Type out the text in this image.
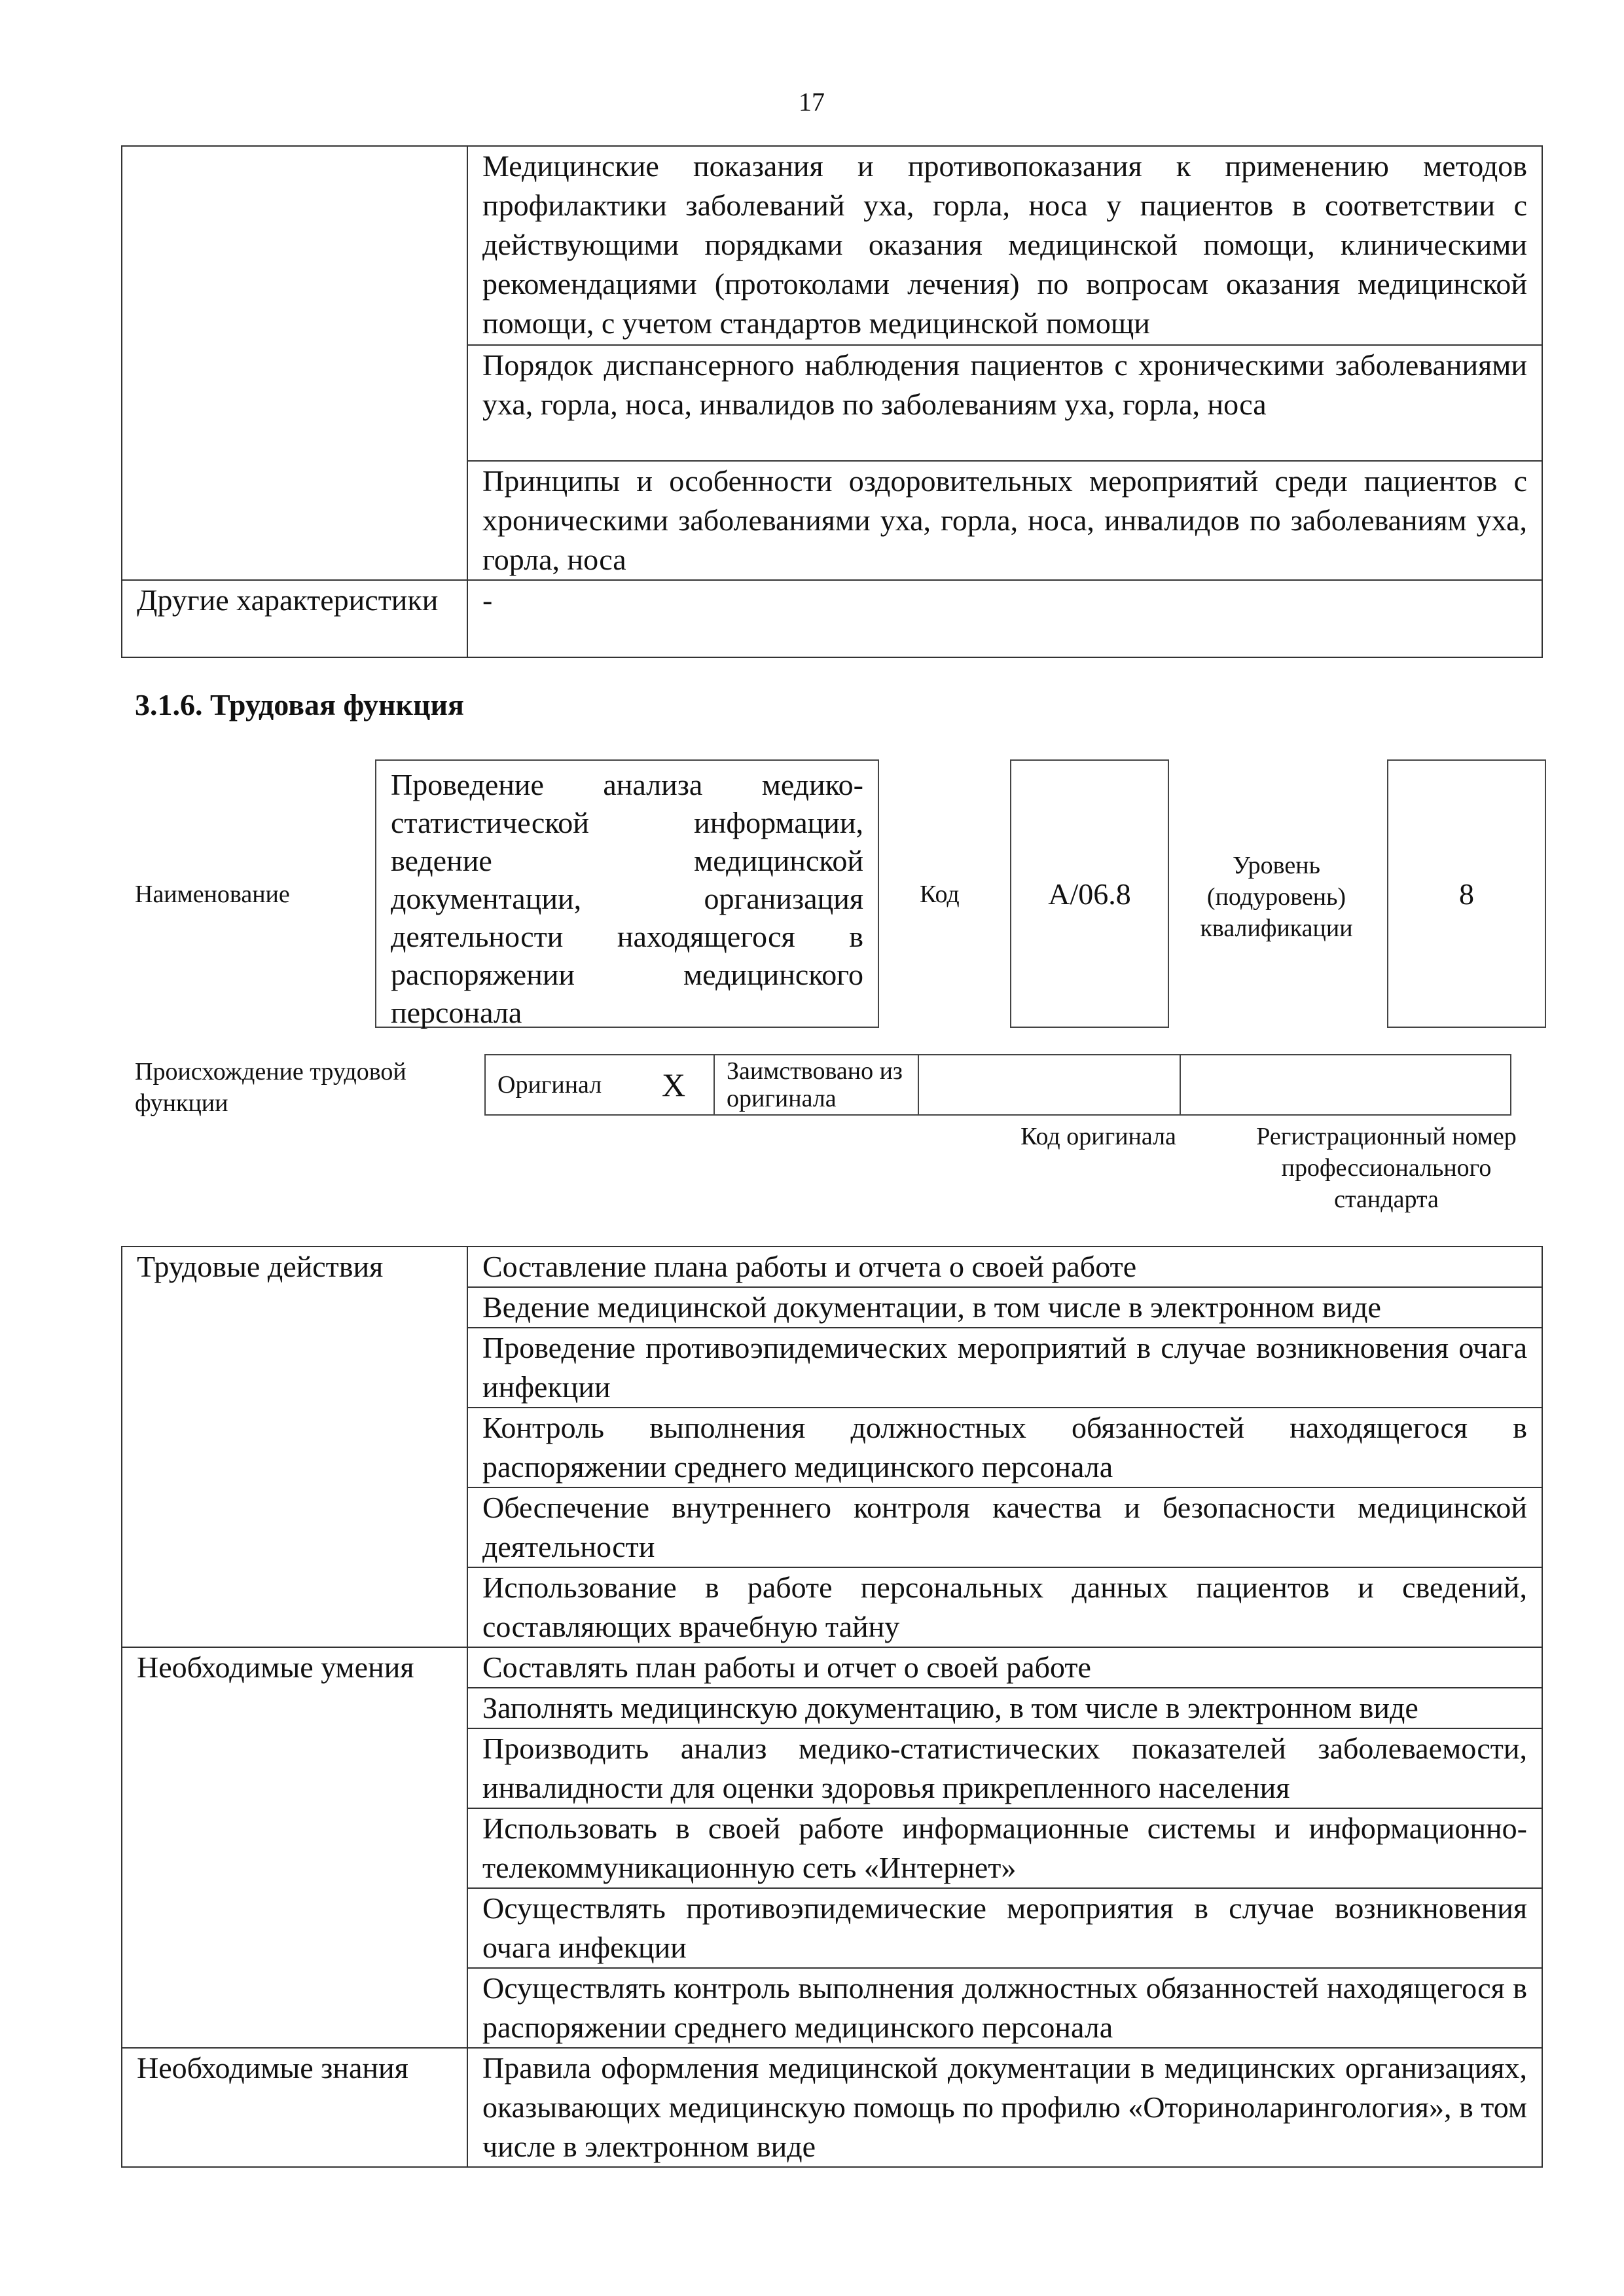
17
	Медицинские показания и противопоказания к применению методов профилактики заболеваний уха, горла, носа у пациентов в соответствии с действующими порядками оказания медицинской помощи, клиническими рекомендациями (протоколами лечения) по вопросам оказания медицинской помощи, с учетом стандартов медицинской помощи
	Порядок диспансерного наблюдения пациентов с хроническими заболеваниями уха, горла, носа, инвалидов по заболеваниям уха, горла, носа
	Принципы и особенности оздоровительных мероприятий среди пациентов с хроническими заболеваниями уха, горла, носа, инвалидов по заболеваниям уха, горла, носа
Другие характеристики	-
3.1.6. Трудовая функция
Наименование
Проведение анализа медико-статистической информации, ведение медицинской документации, организация деятельности находящегося в распоряжении медицинского
персонала
Код	A/06.8
Уровень (подуровень) квалификации
8
Происхождение трудовой функции
Оригинал	X	Заимствовано из оригинала		
Код оригинала	Регистрационный номер профессионального стандарта
Трудовые действия	Составление плана работы и отчета о своей работе
	Ведение медицинской документации, в том числе в электронном виде
	Проведение противоэпидемических мероприятий в случае возникновения очага инфекции
	Контроль выполнения должностных обязанностей находящегося в распоряжении среднего медицинского персонала
	Обеспечение внутреннего контроля качества и безопасности медицинской деятельности
	Использование в работе персональных данных пациентов и сведений, составляющих врачебную тайну
Необходимые умения	Составлять план работы и отчет о своей работе
	Заполнять медицинскую документацию, в том числе в электронном виде
	Производить анализ медико-статистических показателей заболеваемости, инвалидности для оценки здоровья прикрепленного населения
	Использовать в своей работе информационные системы и информационно-телекоммуникационную сеть «Интернет»
	Осуществлять противоэпидемические мероприятия в случае возникновения очага инфекции
	Осуществлять контроль выполнения должностных обязанностей находящегося в распоряжении среднего медицинского персонала
Необходимые знания	Правила оформления медицинской документации в медицинских организациях, оказывающих медицинскую помощь по профилю «Оториноларингология», в том числе в электронном виде
